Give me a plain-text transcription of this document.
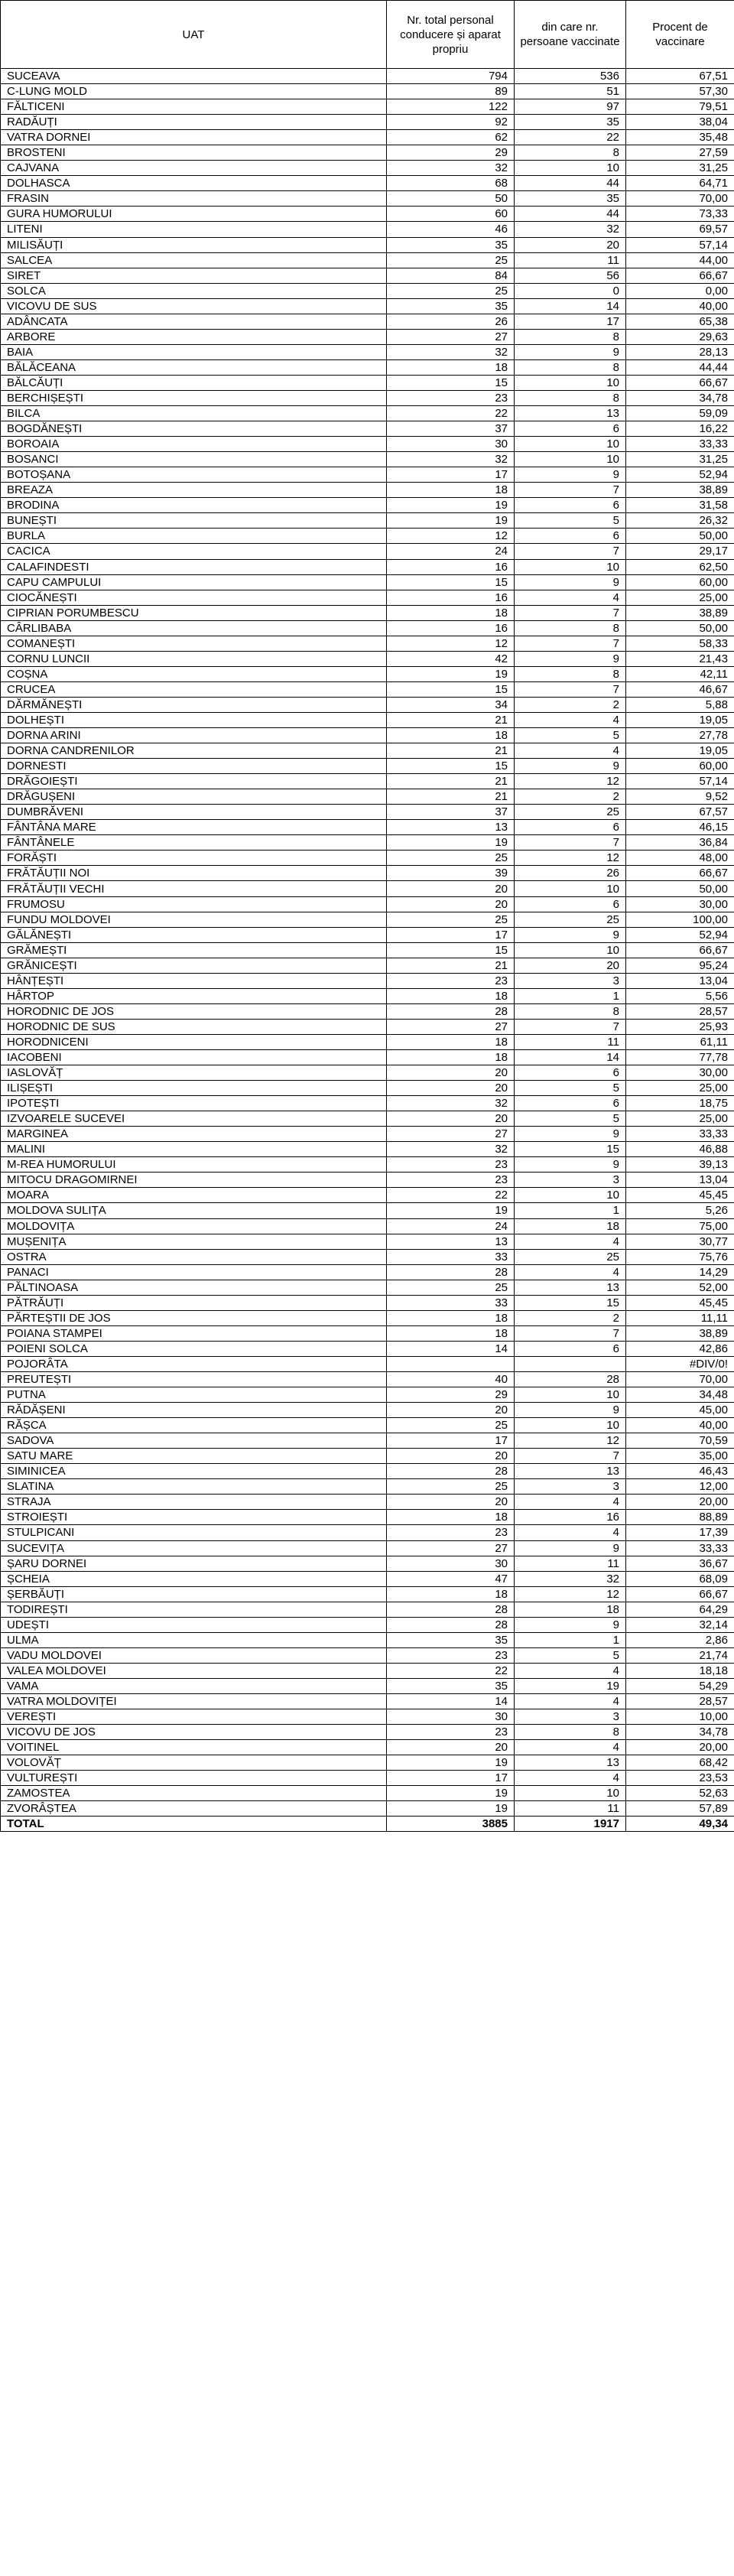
UAT	Nr. total personal conducere și aparat propriu	din care nr. persoane vaccinate	Procent de vaccinare
SUCEAVA	794	536	67,51
C-LUNG MOLD	89	51	57,30
FĂLTICENI	122	97	79,51
RADĂUȚI	92	35	38,04
VATRA DORNEI	62	22	35,48
BROSTENI	29	8	27,59
CAJVANA	32	10	31,25
DOLHASCA	68	44	64,71
FRASIN	50	35	70,00
GURA HUMORULUI	60	44	73,33
LITENI	46	32	69,57
MILISĂUȚI	35	20	57,14
SALCEA	25	11	44,00
SIRET	84	56	66,67
SOLCA	25	0	0,00
VICOVU DE SUS	35	14	40,00
ADÂNCATA	26	17	65,38
ARBORE	27	8	29,63
BAIA	32	9	28,13
BĂLĂCEANA	18	8	44,44
BĂLCĂUȚI	15	10	66,67
BERCHIȘEȘTI	23	8	34,78
BILCA	22	13	59,09
BOGDĂNEȘTI	37	6	16,22
BOROAIA	30	10	33,33
BOSANCI	32	10	31,25
BOTOȘANA	17	9	52,94
BREAZA	18	7	38,89
BRODINA	19	6	31,58
BUNEȘTI	19	5	26,32
BURLA	12	6	50,00
CACICA	24	7	29,17
CALAFINDESTI	16	10	62,50
CAPU CAMPULUI	15	9	60,00
CIOCĂNEȘTI	16	4	25,00
CIPRIAN PORUMBESCU	18	7	38,89
CÂRLIBABA	16	8	50,00
COMANEȘTI	12	7	58,33
CORNU LUNCII	42	9	21,43
COȘNA	19	8	42,11
CRUCEA	15	7	46,67
DĂRMĂNEȘTI	34	2	5,88
DOLHEȘTI	21	4	19,05
DORNA ARINI	18	5	27,78
DORNA CANDRENILOR	21	4	19,05
DORNESTI	15	9	60,00
DRĂGOIEȘTI	21	12	57,14
DRĂGUȘENI	21	2	9,52
DUMBRĂVENI	37	25	67,57
FÂNTÂNA MARE	13	6	46,15
FÂNTÂNELE	19	7	36,84
FORĂȘTI	25	12	48,00
FRĂTĂUȚII NOI	39	26	66,67
FRĂTĂUȚII VECHI	20	10	50,00
FRUMOSU	20	6	30,00
FUNDU MOLDOVEI	25	25	100,00
GĂLĂNEȘTI	17	9	52,94
GRĂMEȘTI	15	10	66,67
GRĂNICEȘTI	21	20	95,24
HÂNȚEȘTI	23	3	13,04
HÂRTOP	18	1	5,56
HORODNIC DE JOS	28	8	28,57
HORODNIC DE SUS	27	7	25,93
HORODNICENI	18	11	61,11
IACOBENI	18	14	77,78
IASLOVĂȚ	20	6	30,00
ILIȘEȘTI	20	5	25,00
IPOTEȘTI	32	6	18,75
IZVOARELE SUCEVEI	20	5	25,00
MARGINEA	27	9	33,33
MALINI	32	15	46,88
M-REA HUMORULUI	23	9	39,13
MITOCU DRAGOMIRNEI	23	3	13,04
MOARA	22	10	45,45
MOLDOVA SULIȚA	19	1	5,26
MOLDOVIȚA	24	18	75,00
MUȘENIȚA	13	4	30,77
OSTRA	33	25	75,76
PANACI	28	4	14,29
PĂLTINOASA	25	13	52,00
PĂTRĂUȚI	33	15	45,45
PĂRTEȘTII DE JOS	18	2	11,11
POIANA STAMPEI	18	7	38,89
POIENI SOLCA	14	6	42,86
POJORÂTA			#DIV/0!
PREUTEȘTI	40	28	70,00
PUTNA	29	10	34,48
RĂDĂȘENI	20	9	45,00
RĂȘCA	25	10	40,00
SADOVA	17	12	70,59
SATU MARE	20	7	35,00
SIMINICEA	28	13	46,43
SLATINA	25	3	12,00
STRAJA	20	4	20,00
STROIEȘTI	18	16	88,89
STULPICANI	23	4	17,39
SUCEVIȚA	27	9	33,33
ȘARU DORNEI	30	11	36,67
ȘCHEIA	47	32	68,09
ȘERBĂUȚI	18	12	66,67
TODIREȘTI	28	18	64,29
UDEȘTI	28	9	32,14
ULMA	35	1	2,86
VADU MOLDOVEI	23	5	21,74
VALEA MOLDOVEI	22	4	18,18
VAMA	35	19	54,29
VATRA MOLDOVIȚEI	14	4	28,57
VEREȘTI	30	3	10,00
VICOVU DE JOS	23	8	34,78
VOITINEL	20	4	20,00
VOLOVĂȚ	19	13	68,42
VULTUREȘTI	17	4	23,53
ZAMOSTEA	19	10	52,63
ZVORÂȘTEA	19	11	57,89
TOTAL	3885	1917	49,34
